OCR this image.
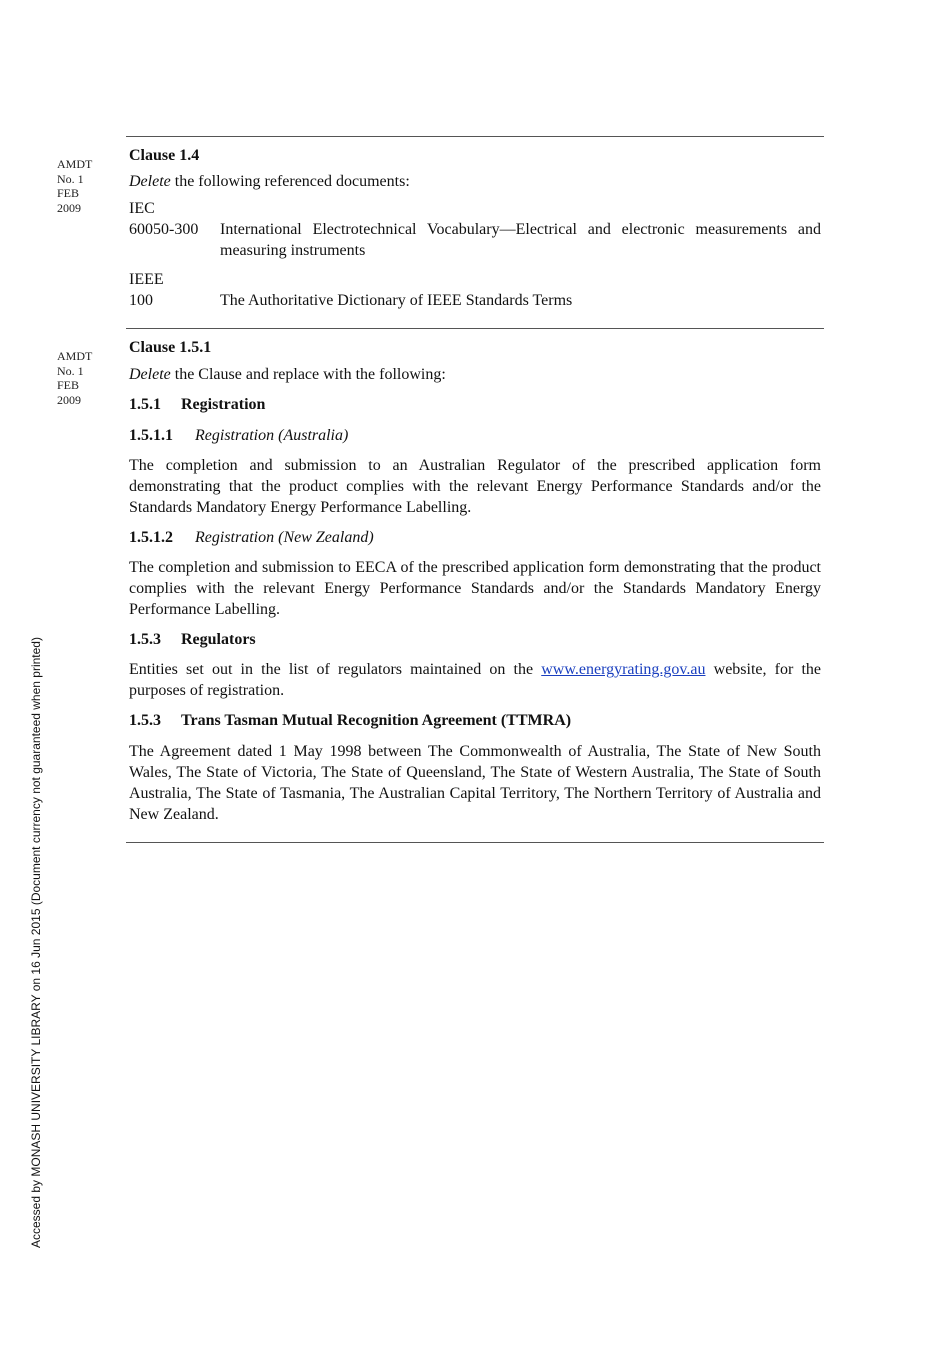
Accessed by MONASH UNIVERSITY LIBRARY on 16 Jun 2015 (Document currency not guaranteed when printed)
AMDT
No. 1
FEB
2009
AMDT
No. 1
FEB
2009
Clause 1.4
Delete the following referenced documents:
IEC
60050-300	International Electrotechnical Vocabulary—Electrical and electronic measurements and measuring instruments
IEEE
100	The Authoritative Dictionary of IEEE Standards Terms
Clause 1.5.1
Delete the Clause and replace with the following:
1.5.1 Registration
1.5.1.1 Registration (Australia)
The completion and submission to an Australian Regulator of the prescribed application form demonstrating that the product complies with the relevant Energy Performance Standards and/or the Standards Mandatory Energy Performance Labelling.
1.5.1.2 Registration (New Zealand)
The completion and submission to EECA of the prescribed application form demonstrating that the product complies with the relevant Energy Performance Standards and/or the Standards Mandatory Energy Performance Labelling.
1.5.3 Regulators
Entities set out in the list of regulators maintained on the www.energyrating.gov.au website, for the purposes of registration.
1.5.3 Trans Tasman Mutual Recognition Agreement (TTMRA)
The Agreement dated 1 May 1998 between The Commonwealth of Australia, The State of New South Wales, The State of Victoria, The State of Queensland, The State of Western Australia, The State of South Australia, The State of Tasmania, The Australian Capital Territory, The Northern Territory of Australia and New Zealand.
